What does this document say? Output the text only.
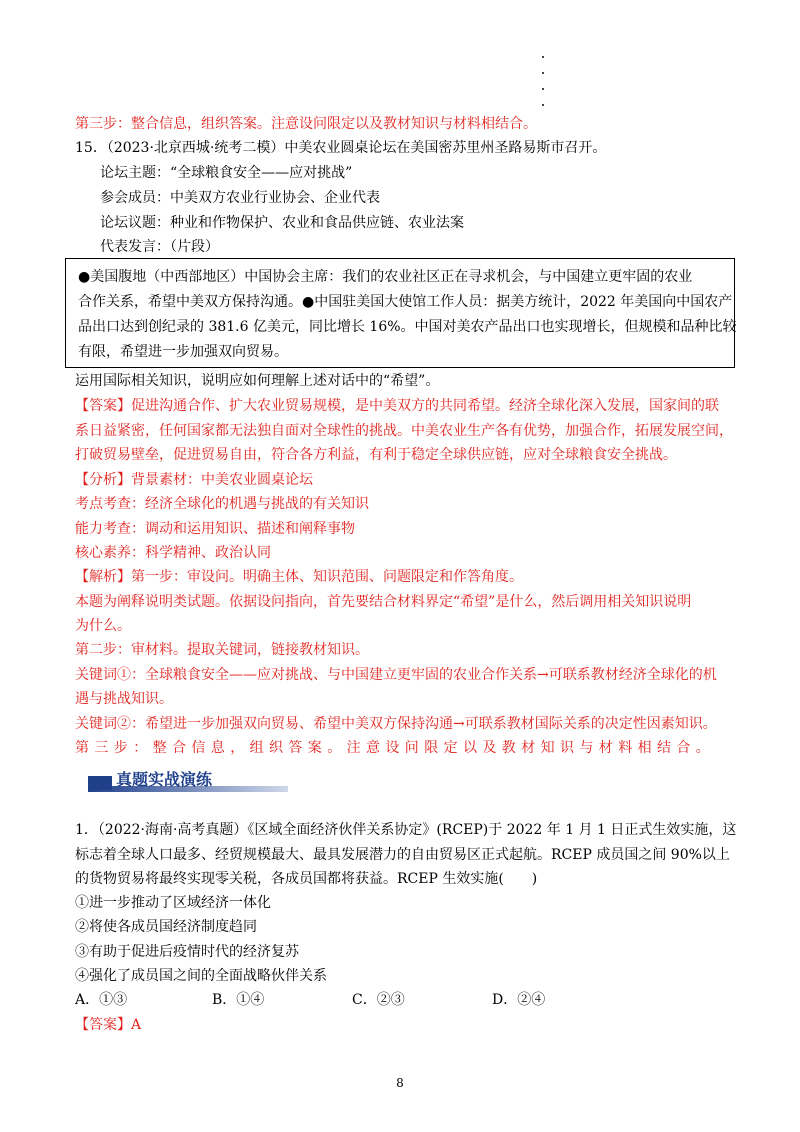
第三步：整合信息，组织答案。注意设问限定以及教材知识与材料相结合。
15．（2023·北京西城·统考二模）中美农业圆桌论坛在美国密苏里州圣路易斯市召开。
论坛主题：“全球粮食安全——应对挑战”
参会成员：中美双方农业行业协会、企业代表
论坛议题：种业和作物保护、农业和食品供应链、农业法案
代表发言：（片段）
●美国腹地（中西部地区）中国协会主席：我们的农业社区正在寻求机会，与中国建立更牢固的农业
合作关系，希望中美双方保持沟通。●中国驻美国大使馆工作人员：据美方统计，2022 年美国向中国农产
品出口达到创纪录的 381.6 亿美元，同比增长 16%。中国对美农产品出口也实现增长，但规模和品种比较
有限，希望进一步加强双向贸易。
运用国际相关知识，说明应如何理解上述对话中的“希望”。
【答案】促进沟通合作、扩大农业贸易规模，是中美双方的共同希望。经济全球化深入发展，国家间的联
系日益紧密，任何国家都无法独自面对全球性的挑战。中美农业生产各有优势，加强合作，拓展发展空间，
打破贸易壁垒，促进贸易自由，符合各方利益，有利于稳定全球供应链，应对全球粮食安全挑战。
【分析】背景素材：中美农业圆桌论坛
考点考查：经济全球化的机遇与挑战的有关知识
能力考查：调动和运用知识、描述和阐释事物
核心素养：科学精神、政治认同
【解析】第一步：审设问。明确主体、知识范围、问题限定和作答角度。
本题为阐释说明类试题。依据设问指向，首先要结合材料界定“希望”是什么，然后调用相关知识说明
为什么。
第二步：审材料。提取关键词，链接教材知识。
关键词①：全球粮食安全——应对挑战、与中国建立更牢固的农业合作关系→可联系教材经济全球化的机
遇与挑战知识。
关键词②：希望进一步加强双向贸易、希望中美双方保持沟通→可联系教材国际关系的决定性因素知识。
第三步：整合信息，组织答案。注意设问限定以及教材知识与材料相结合。
真题实战演练
1．（2022·海南·高考真题）《区域全面经济伙伴关系协定》(RCEP)于 2022 年 1 月 1 日正式生效实施，这
标志着全球人口最多、经贸规模最大、最具发展潜力的自由贸易区正式起航。RCEP 成员国之间 90%以上
的货物贸易将最终实现零关税，各成员国都将获益。RCEP 生效实施(　　)
①进一步推动了区域经济一体化
②将使各成员国经济制度趋同
③有助于促进后疫情时代的经济复苏
④强化了成员国之间的全面战略伙伴关系
A．①③	B．①④	C．②③	D．②④
【答案】A
8
